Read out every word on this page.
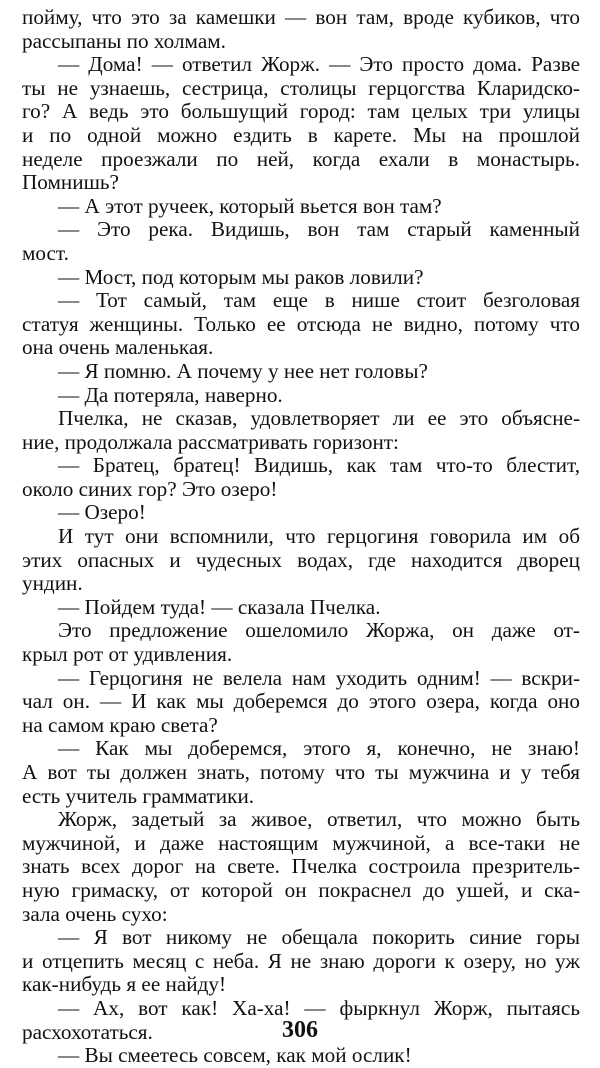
пойму, что это за камешки — вон там, вроде кубиков, что
рассыпаны по холмам.
— Дома! — ответил Жорж. — Это просто дома. Разве
ты не узнаешь, сестрица, столицы герцогства Кларидско-
го? А ведь это большущий город: там целых три улицы
и по одной можно ездить в карете. Мы на прошлой
неделе проезжали по ней, когда ехали в монастырь.
Помнишь?
— А этот ручеек, который вьется вон там?
— Это река. Видишь, вон там старый каменный
мост.
— Мост, под которым мы раков ловили?
— Тот самый, там еще в нише стоит безголовая
статуя женщины. Только ее отсюда не видно, потому что
она очень маленькая.
— Я помню. А почему у нее нет головы?
— Да потеряла, наверно.
Пчелка, не сказав, удовлетворяет ли ее это объясне-
ние, продолжала рассматривать горизонт:
— Братец, братец! Видишь, как там что-то блестит,
около синих гор? Это озеро!
— Озеро!
И тут они вспомнили, что герцогиня говорила им об
этих опасных и чудесных водах, где находится дворец
ундин.
— Пойдем туда! — сказала Пчелка.
Это предложение ошеломило Жоржа, он даже от-
крыл рот от удивления.
— Герцогиня не велела нам уходить одним! — вскри-
чал он. — И как мы доберемся до этого озера, когда оно
на самом краю света?
— Как мы доберемся, этого я, конечно, не знаю!
А вот ты должен знать, потому что ты мужчина и у тебя
есть учитель грамматики.
Жорж, задетый за живое, ответил, что можно быть
мужчиной, и даже настоящим мужчиной, а все-таки не
знать всех дорог на свете. Пчелка состроила презритель-
ную гримаску, от которой он покраснел до ушей, и ска-
зала очень сухо:
— Я вот никому не обещала покорить синие горы
и отцепить месяц с неба. Я не знаю дороги к озеру, но уж
как-нибудь я ее найду!
— Ах, вот как! Ха-ха! — фыркнул Жорж, пытаясь
расхохотаться.
— Вы смеетесь совсем, как мой ослик!
306
